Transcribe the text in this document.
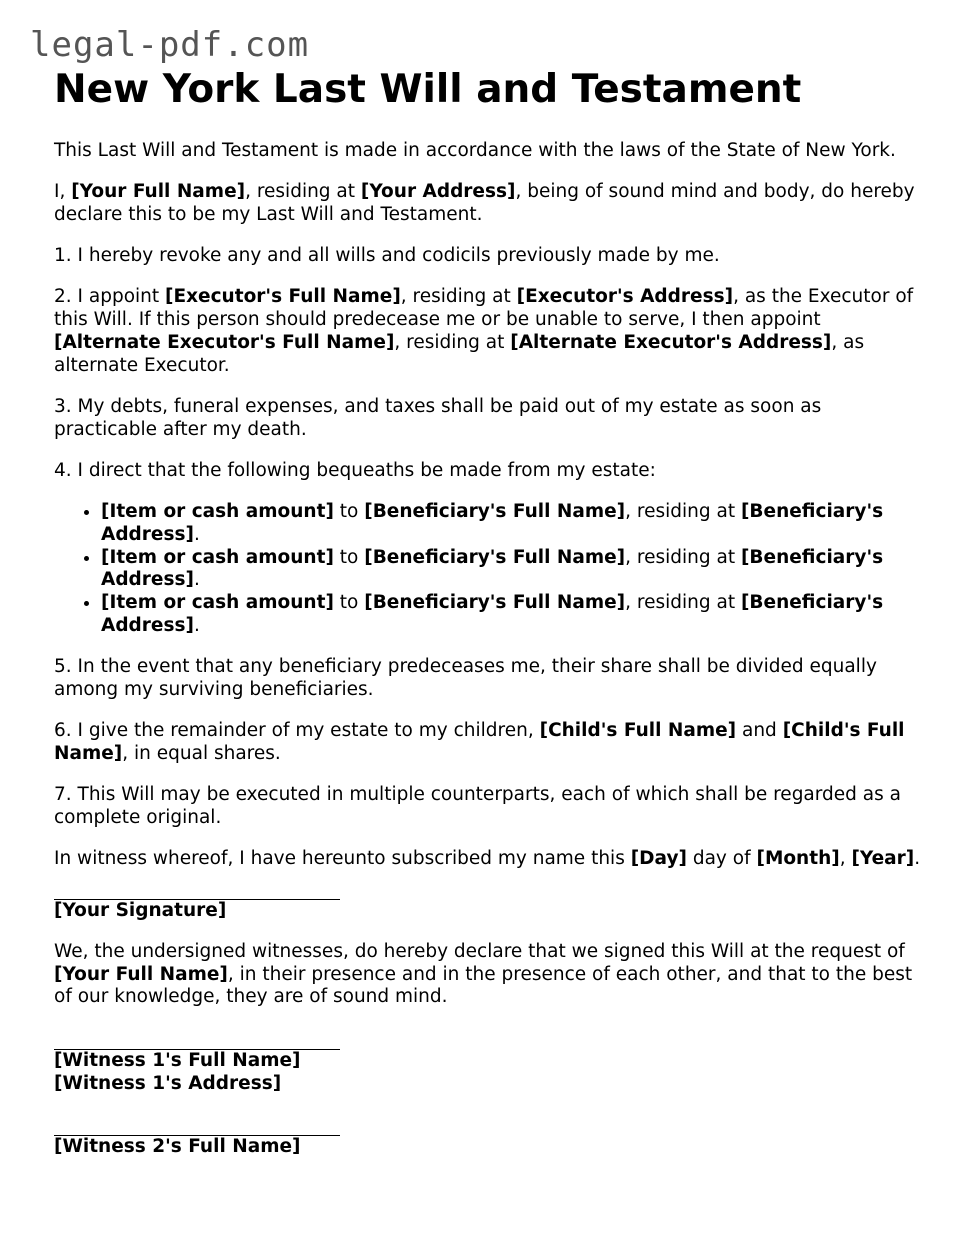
legal-pdf.com
New York Last Will and Testament

This Last Will and Testament is made in accordance with the laws of the State of New York.

I, [Your Full Name], residing at [Your Address], being of sound mind and body, do hereby declare this to be my Last Will and Testament.

1. I hereby revoke any and all wills and codicils previously made by me.

2. I appoint [Executor's Full Name], residing at [Executor's Address], as the Executor of this Will. If this person should predecease me or be unable to serve, I then appoint [Alternate Executor's Full Name], residing at [Alternate Executor's Address], as alternate Executor.

3. My debts, funeral expenses, and taxes shall be paid out of my estate as soon as practicable after my death.

4. I direct that the following bequeaths be made from my estate:

• [Item or cash amount] to [Beneficiary's Full Name], residing at [Beneficiary's Address].
• [Item or cash amount] to [Beneficiary's Full Name], residing at [Beneficiary's Address].
• [Item or cash amount] to [Beneficiary's Full Name], residing at [Beneficiary's Address].

5. In the event that any beneficiary predeceases me, their share shall be divided equally among my surviving beneficiaries.

6. I give the remainder of my estate to my children, [Child's Full Name] and [Child's Full Name], in equal shares.

7. This Will may be executed in multiple counterparts, each of which shall be regarded as a complete original.

In witness whereof, I have hereunto subscribed my name this [Day] day of [Month], [Year].

[Your Signature]

We, the undersigned witnesses, do hereby declare that we signed this Will at the request of [Your Full Name], in their presence and in the presence of each other, and that to the best of our knowledge, they are of sound mind.

[Witness 1's Full Name]
[Witness 1's Address]
[Witness 2's Full Name]
